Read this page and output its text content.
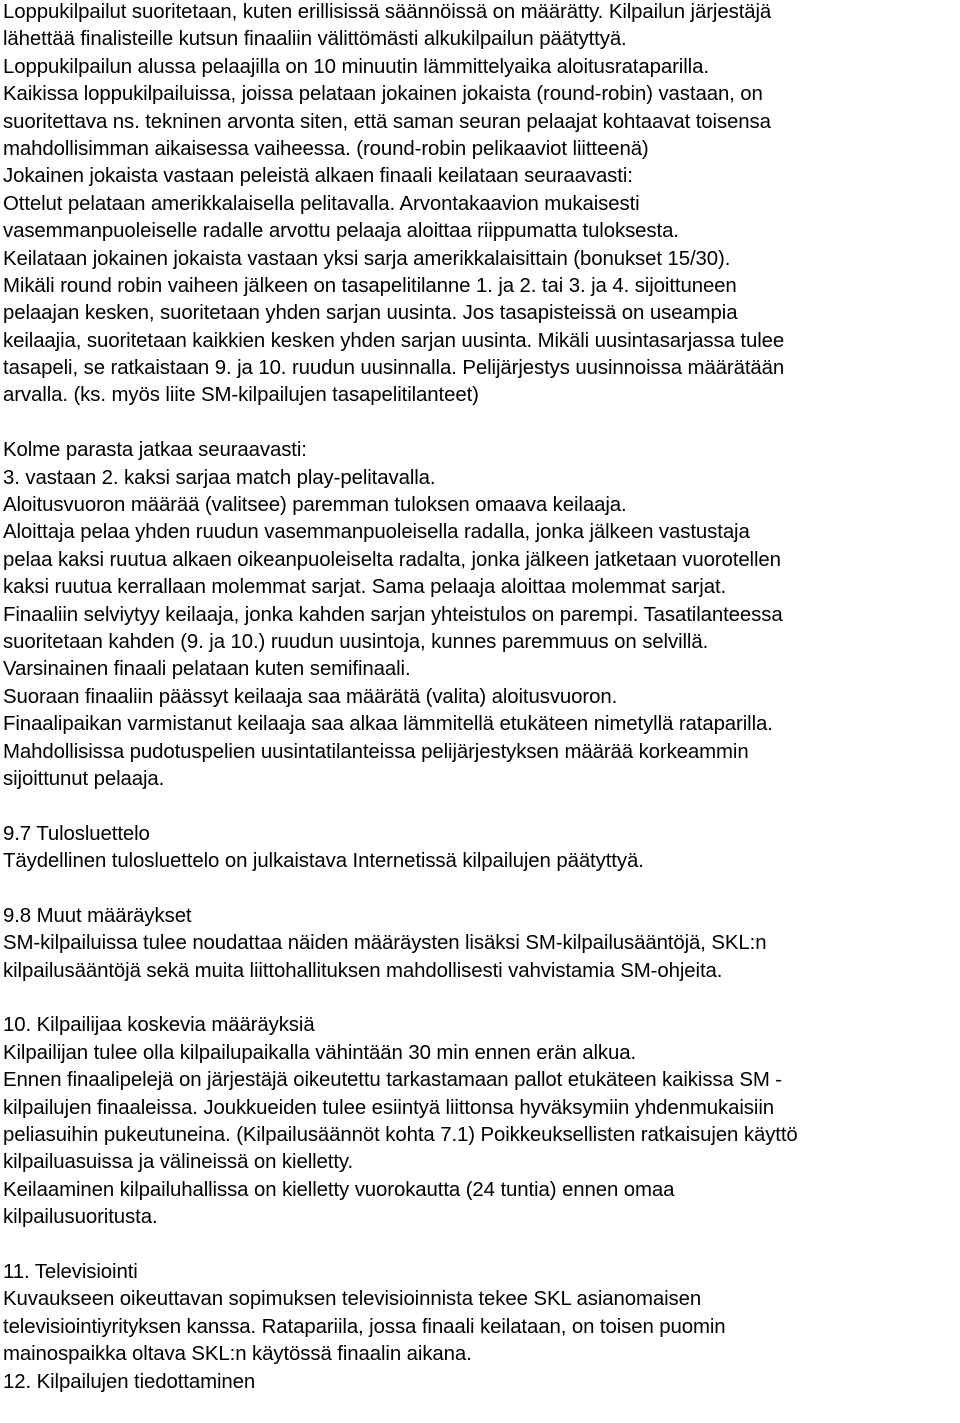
Loppukilpailut suoritetaan, kuten erillisissä säännöissä on määrätty. Kilpailun järjestäjä
lähettää finalisteille kutsun finaaliin välittömästi alkukilpailun päätyttyä.
Loppukilpailun alussa pelaajilla on 10 minuutin lämmittelyaika aloitusrataparilla.
Kaikissa loppukilpailuissa, joissa pelataan jokainen jokaista (round-robin) vastaan, on
suoritettava ns. tekninen arvonta siten, että saman seuran pelaajat kohtaavat toisensa
mahdollisimman aikaisessa vaiheessa. (round-robin pelikaaviot liitteenä)
Jokainen jokaista vastaan peleistä alkaen finaali keilataan seuraavasti:
Ottelut pelataan amerikkalaisella pelitavalla. Arvontakaavion mukaisesti
vasemmanpuoleiselle radalle arvottu pelaaja aloittaa riippumatta tuloksesta.
Keilataan jokainen jokaista vastaan yksi sarja amerikkalaisittain (bonukset 15/30).
Mikäli round robin vaiheen jälkeen on tasapelitilanne 1. ja 2. tai 3. ja 4. sijoittuneen
pelaajan kesken, suoritetaan yhden sarjan uusinta. Jos tasapisteissä on useampia
keilaajia, suoritetaan kaikkien kesken yhden sarjan uusinta. Mikäli uusintasarjassa tulee
tasapeli, se ratkaistaan 9. ja 10. ruudun uusinnalla. Pelijärjestys uusinnoissa määrätään
arvalla. (ks. myös liite SM-kilpailujen tasapelitilanteet)
Kolme parasta jatkaa seuraavasti:
3. vastaan 2. kaksi sarjaa match play-pelitavalla.
Aloitusvuoron määrää (valitsee) paremman tuloksen omaava keilaaja.
Aloittaja pelaa yhden ruudun vasemmanpuoleisella radalla, jonka jälkeen vastustaja
pelaa kaksi ruutua alkaen oikeanpuoleiselta radalta, jonka jälkeen jatketaan vuorotellen
kaksi ruutua kerrallaan molemmat sarjat. Sama pelaaja aloittaa molemmat sarjat.
Finaaliin selviytyy keilaaja, jonka kahden sarjan yhteistulos on parempi. Tasatilanteessa
suoritetaan kahden (9. ja 10.) ruudun uusintoja, kunnes paremmuus on selvillä.
Varsinainen finaali pelataan kuten semifinaali.
Suoraan finaaliin päässyt keilaaja saa määrätä (valita) aloitusvuoron.
Finaalipaikan varmistanut keilaaja saa alkaa lämmitellä etukäteen nimetyllä rataparilla.
Mahdollisissa pudotuspelien uusintatilanteissa pelijärjestyksen määrää korkeammin
sijoittunut pelaaja.
9.7 Tulosluettelo
Täydellinen tulosluettelo on julkaistava Internetissä kilpailujen päätyttyä.
9.8 Muut määräykset
SM-kilpailuissa tulee noudattaa näiden määräysten lisäksi SM-kilpailusääntöjä, SKL:n
kilpailusääntöjä sekä muita liittohallituksen mahdollisesti vahvistamia SM-ohjeita.
10. Kilpailijaa koskevia määräyksiä
Kilpailijan tulee olla kilpailupaikalla vähintään 30 min ennen erän alkua.
Ennen finaalipelejä on järjestäjä oikeutettu tarkastamaan pallot etukäteen kaikissa SM -
kilpailujen finaaleissa. Joukkueiden tulee esiintyä liittonsa hyväksymiin yhdenmukaisiin
peliasuihin pukeutuneina. (Kilpailusäännöt kohta 7.1) Poikkeuksellisten ratkaisujen käyttö
kilpailuasuissa ja välineissä on kielletty.
Keilaaminen kilpailuhallissa on kielletty vuorokautta (24 tuntia) ennen omaa
kilpailusuoritusta.
11. Televisiointi
Kuvaukseen oikeuttavan sopimuksen televisioinnista tekee SKL asianomaisen
televisiointiyrityksen kanssa. Ratapariila, jossa finaali keilataan, on toisen puomin
mainospaikka oltava SKL:n käytössä finaalin aikana.
12. Kilpailujen tiedottaminen
